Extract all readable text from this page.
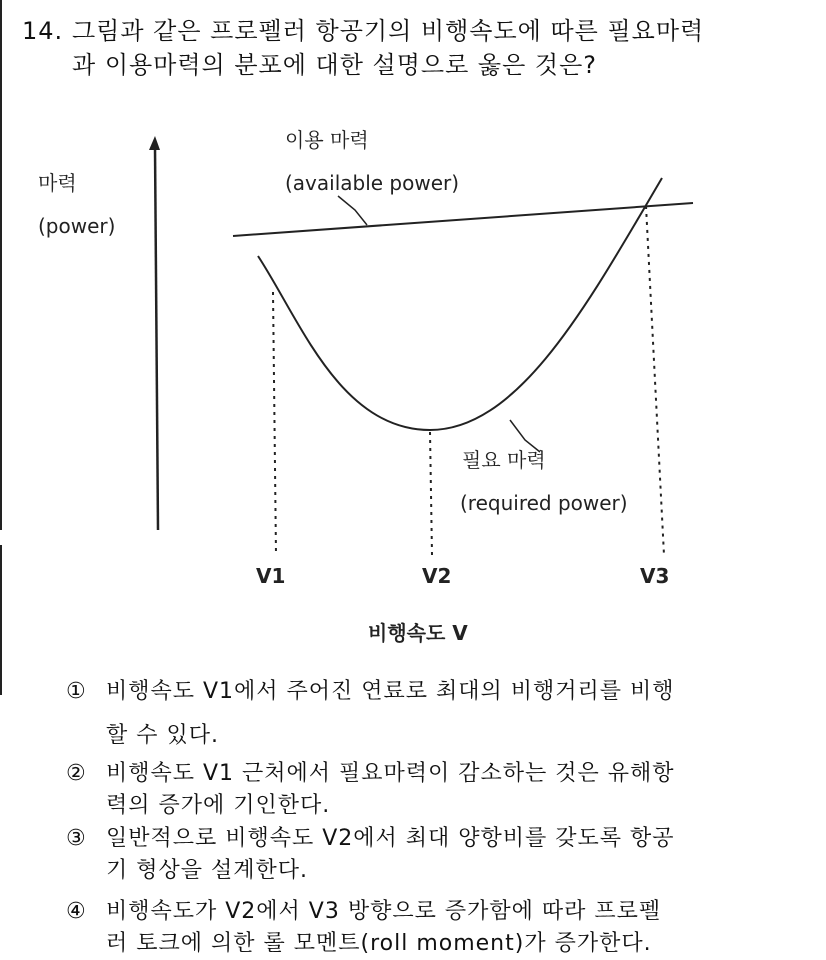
14. 그림과 같은 프로펠러 항공기의 비행속도에 따른 필요마력
과 이용마력의 분포에 대한 설명으로 옳은 것은?
마력
(power)
이용 마력
(available power)
필요 마력
(required power)
V1	V2	V3
비행속도 V
① 비행속도 V1에서 주어진 연료로 최대의 비행거리를 비행
할 수 있다.
② 비행속도 V1 근처에서 필요마력이 감소하는 것은 유해항
력의 증가에 기인한다.
③ 일반적으로 비행속도 V2에서 최대 양항비를 갖도록 항공
기 형상을 설계한다.
④ 비행속도가 V2에서 V3 방향으로 증가함에 따라 프로펠
러 토크에 의한 롤 모멘트(roll moment)가 증가한다.
